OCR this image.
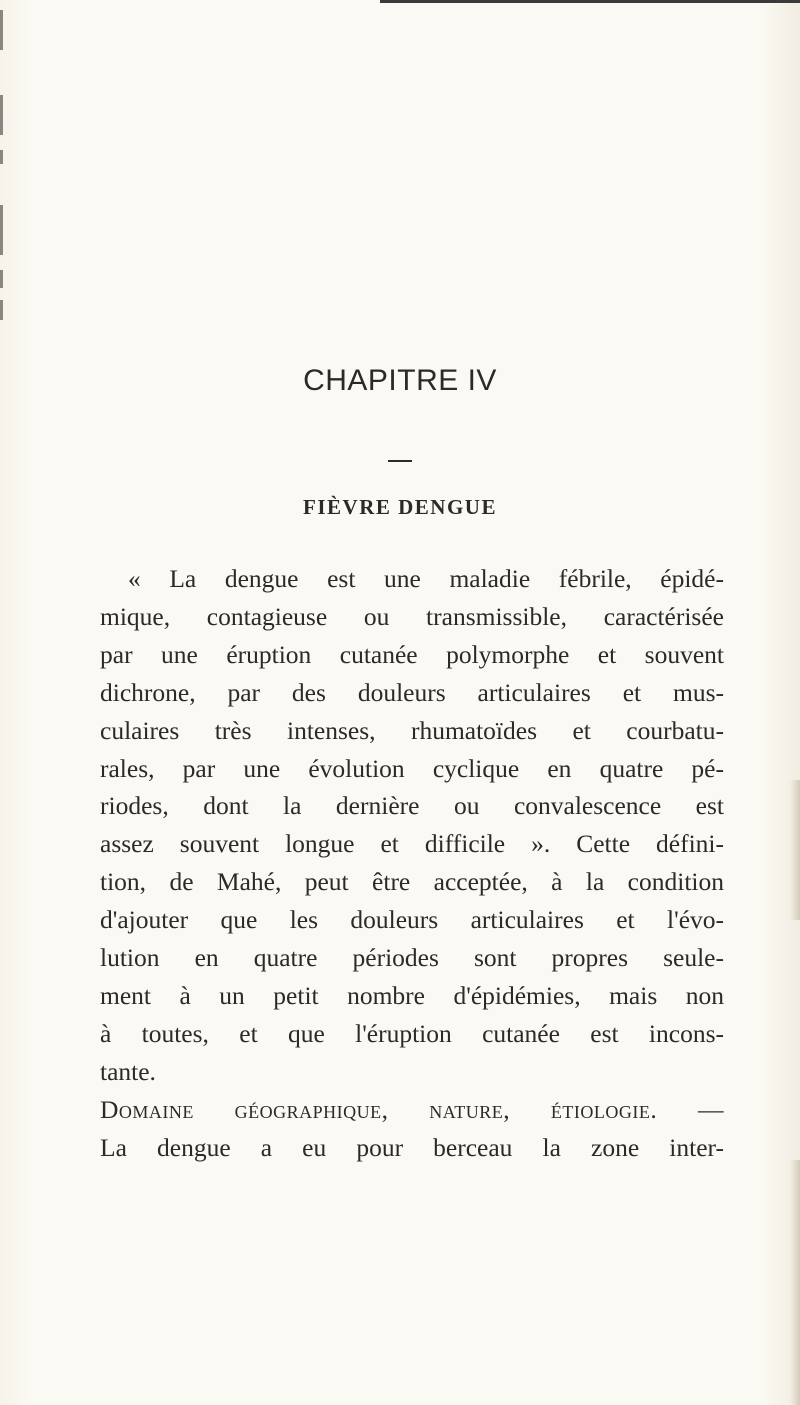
CHAPITRE IV
FIÈVRE DENGUE
« La dengue est une maladie fébrile, épidé-
mique, contagieuse ou transmissible, caractérisée
par une éruption cutanée polymorphe et souvent
dichrone, par des douleurs articulaires et mus-
culaires très intenses, rhumatoïdes et courbatu-
rales, par une évolution cyclique en quatre pé-
riodes, dont la dernière ou convalescence est
assez souvent longue et difficile ». Cette défini-
tion, de Mahé, peut être acceptée, à la condition
d'ajouter que les douleurs articulaires et l'évo-
lution en quatre périodes sont propres seule-
ment à un petit nombre d'épidémies, mais non
à toutes, et que l'éruption cutanée est incons-
tante.
Domaine géographique, nature, étiologie. —
La dengue a eu pour berceau la zone inter-
